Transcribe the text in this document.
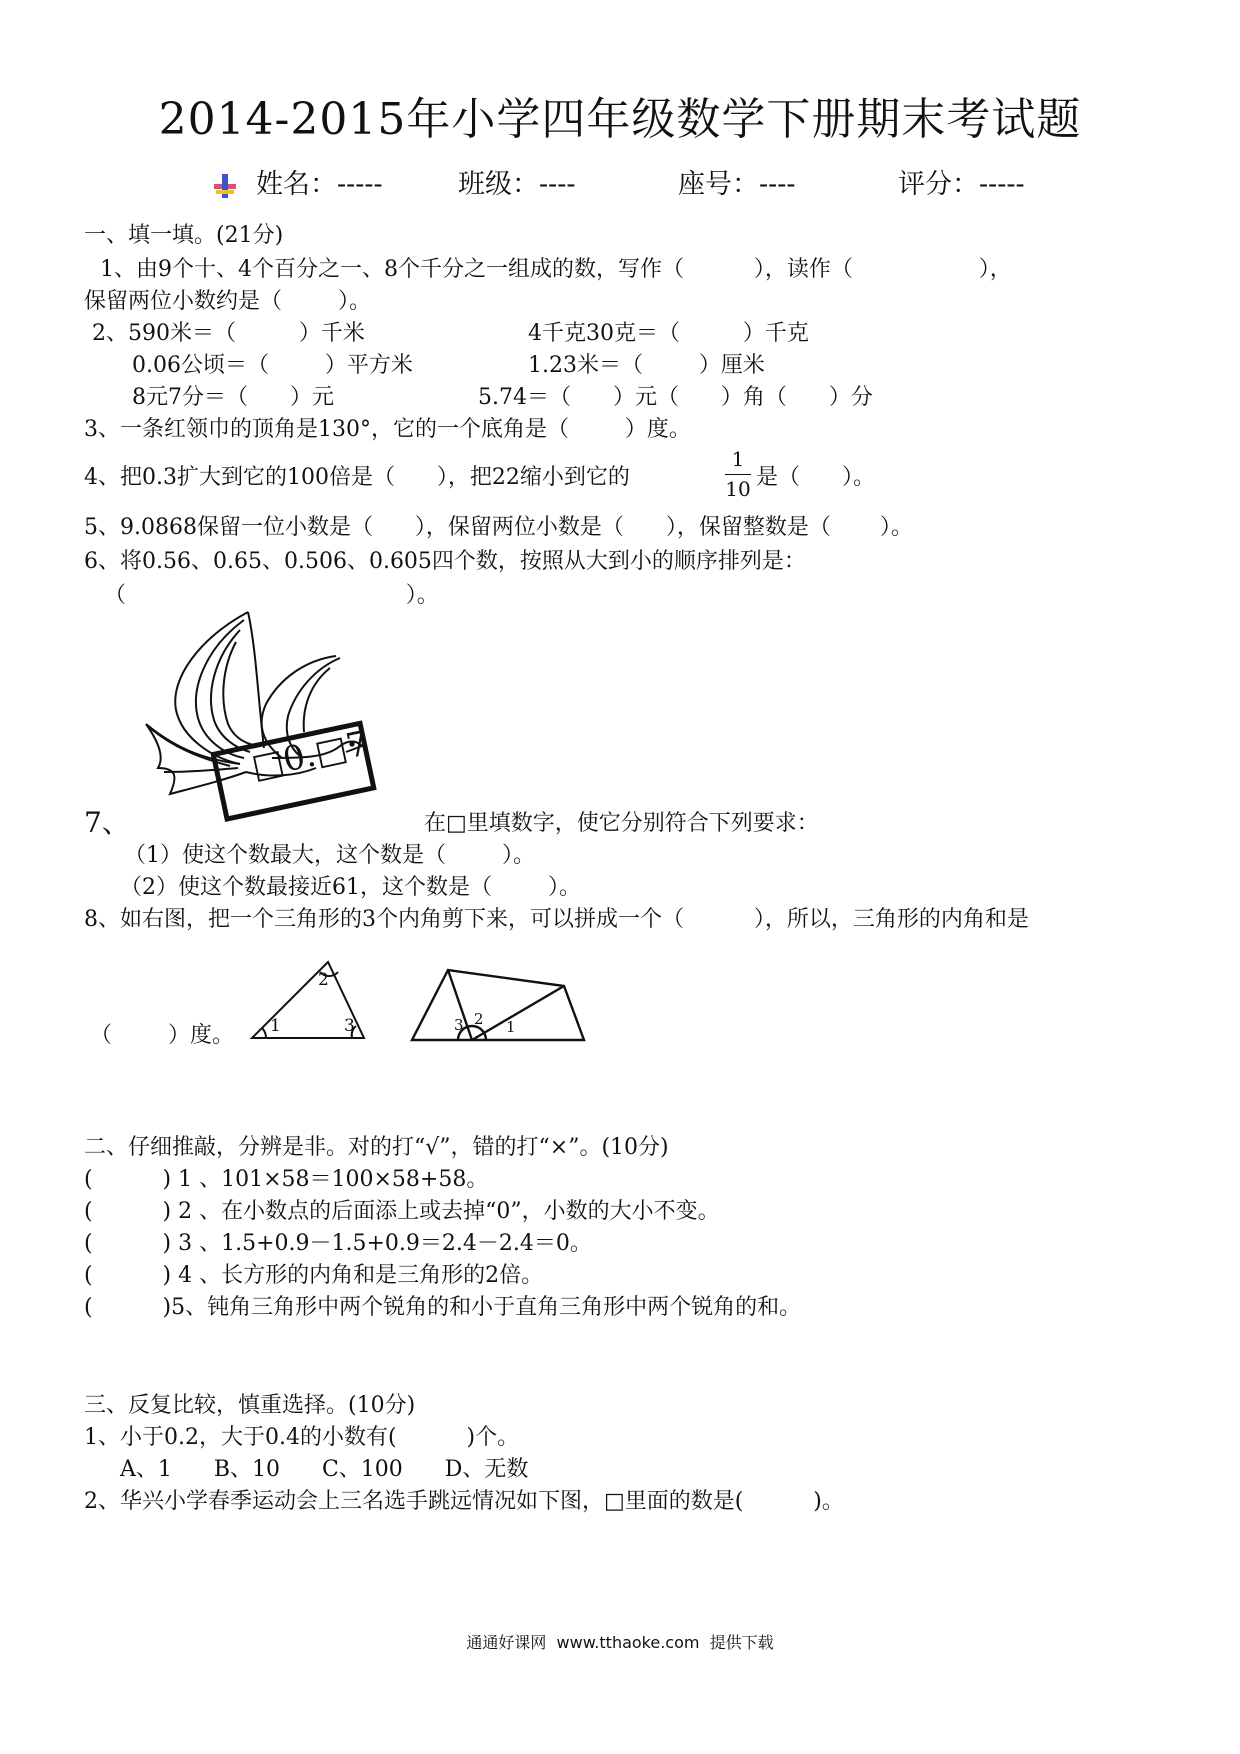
2014-2015年小学四年级数学下册期末考试题
姓名：-----	班级：----	座号：----	评分：-----
一、填一填。(21分)
1、由9个十、4个百分之一、8个千分之一组成的数，写作（          ），读作（                  ），
保留两位小数约是（        ）。
2、590米＝（         ）千米	4千克30克＝（         ）千克
0.06公顷＝（        ）平方米	1.23米＝（        ）厘米
8元7分＝（      ）元	5.74＝（      ）元（      ）角（      ）分
3、一条红领巾的顶角是130°，它的一个底角是（        ）度。
4、把0.3扩大到它的100倍是（      ），把22缩小到它的
1
10 是（      ）。
5、9.0868保留一位小数是（      ），保留两位小数是（      ），保留整数是（       ）。
6、将0.56、0.65、0.506、0.605四个数，按照从大到小的顺序排列是：
（                                        ）。
□0.□7
7、	在□里填数字，使它分别符合下列要求：
（1）使这个数最大，这个数是（        ）。
（2）使这个数最接近61，这个数是（        ）。
8、如右图，把一个三角形的3个内角剪下来，可以拼成一个（          ），所以，三角形的内角和是
2
1	3	3 2 1
（        ）度。
二、仔细推敲，分辨是非。对的打“√”，错的打“×”。(10分)
(          ) 1 、101×58＝100×58+58。
(          ) 2 、在小数点的后面添上或去掉“0”，小数的大小不变。
(          ) 3 、1.5+0.9－1.5+0.9＝2.4－2.4＝0。
(          ) 4 、长方形的内角和是三角形的2倍。
(          )5、钝角三角形中两个锐角的和小于直角三角形中两个锐角的和。
三、反复比较，慎重选择。(10分)
1、小于0.2，大于0.4的小数有(          )个。
A、1      B、10      C、100      D、无数
2、华兴小学春季运动会上三名选手跳远情况如下图，□里面的数是(          )。
通通好课网  www.tthaoke.com  提供下载
